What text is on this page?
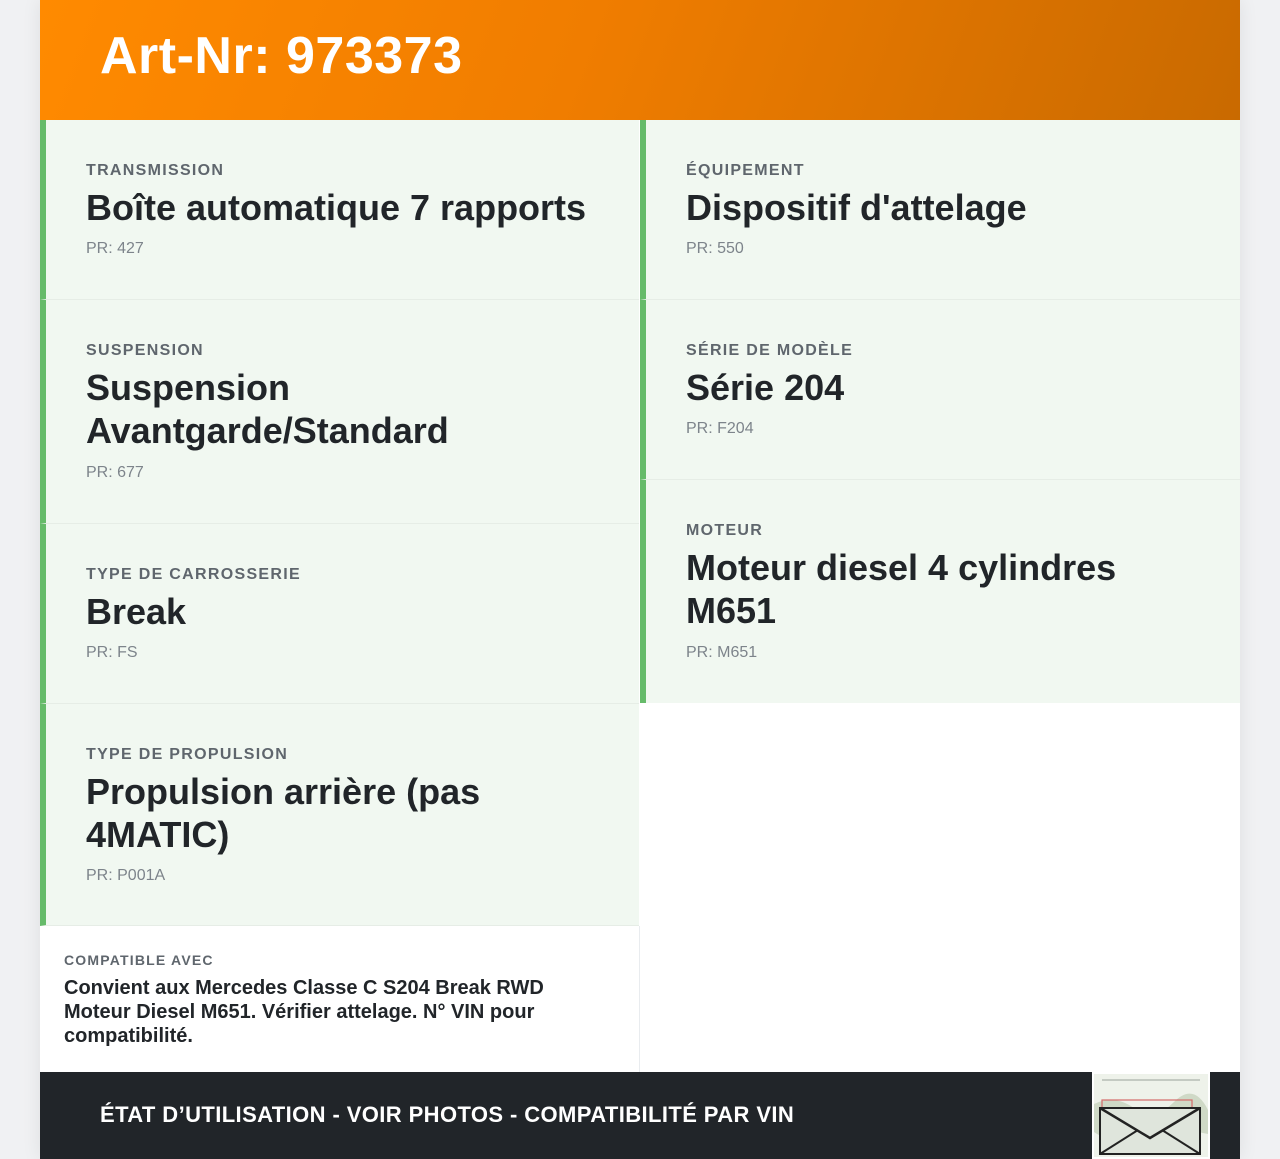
Art-Nr: 973373
TRANSMISSION
Boîte automatique 7 rapports
PR: 427
SUSPENSION
Suspension Avantgarde/Standard
PR: 677
TYPE DE CARROSSERIE
Break
PR: FS
TYPE DE PROPULSION
Propulsion arrière (pas 4MATIC)
PR: P001A
ÉQUIPEMENT
Dispositif d'attelage
PR: 550
SÉRIE DE MODÈLE
Série 204
PR: F204
MOTEUR
Moteur diesel 4 cylindres M651
PR: M651
COMPATIBLE AVEC
Convient aux Mercedes Classe C S204 Break RWD Moteur Diesel M651. Vérifier attelage. N° VIN pour compatibilité.
ÉTAT D’UTILISATION - VOIR PHOTOS - COMPATIBILITÉ PAR VIN
